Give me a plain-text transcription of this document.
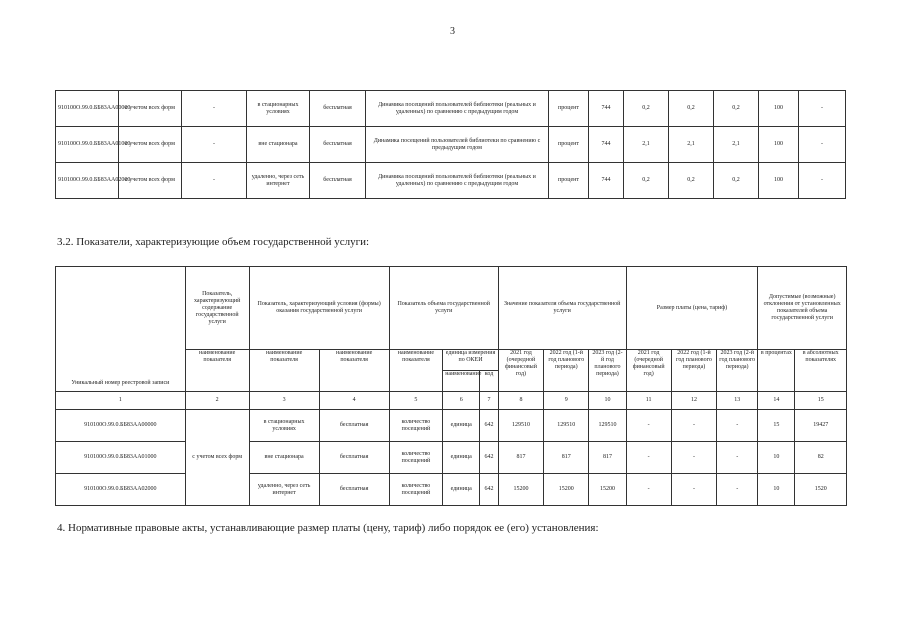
3
910100О.99.0.ББ83АА00000	с учетом всех форм	-	в стационарных условиях	бесплатная	Динамика посещений пользователей библиотеки (реальных и удаленных) по сравнению с предыдущим годом	процент	744	0,2	0,2	0,2	100	-
910100О.99.0.ББ83АА01000	с учетом всех форм	-	вне стационара	бесплатная	Динамика посещений пользователей библиотеки по сравнению с предыдущим годом	процент	744	2,1	2,1	2,1	100	-
910100О.99.0.ББ83АА02000	с учетом всех форм	-	удаленно, через сеть интернет	бесплатная	Динамика посещений пользователей библиотеки (реальных и удаленных) по сравнению с предыдущим годом	процент	744	0,2	0,2	0,2	100	-
3.2. Показатели, характеризующие объем государственной услуги:
Уникальный номер реестровой записи	Показатель, характеризующий содержание государственной услуги	Показатель, характеризующий условия (формы) оказания государственной услуги		Показатель объема государственной услуги			Значение показателя объема государственной услуги			Размер платы (цена, тариф)			Допустимые (возможные) отклонения от установленных показателей объема государственной услуги	
	наименование показателя	наименование показателя	наименование показателя	наименование показателя	единица измерения по ОКЕИ		2021 год (очередной финансовый год)	2022 год (1-й год планового периода)	2023 год (2-й год планового периода)	2021 год (очередной финансовый год)	2022 год (1-й год планового периода)	2023 год (2-й год планового периода)	в процентах	в абсолютных показателях
					наименование	код								
1	2	3	4	5	6	7	8	9	10	11	12	13	14	15
910100О.99.0.ББ83АА00000	с учетом всех форм	в стационарных условиях	бесплатная	количество посещений	единица	642	129510	129510	129510	-	-	-	15	19427
910100О.99.0.ББ83АА01000		вне стационара	бесплатная	количество посещений	единица	642	817	817	817	-	-	-	10	82
910100О.99.0.ББ83АА02000		удаленно, через сеть интернет	бесплатная	количество посещений	единица	642	15200	15200	15200	-	-	-	10	1520
4. Нормативные правовые акты, устанавливающие размер платы (цену, тариф) либо порядок ее (его) установления:
